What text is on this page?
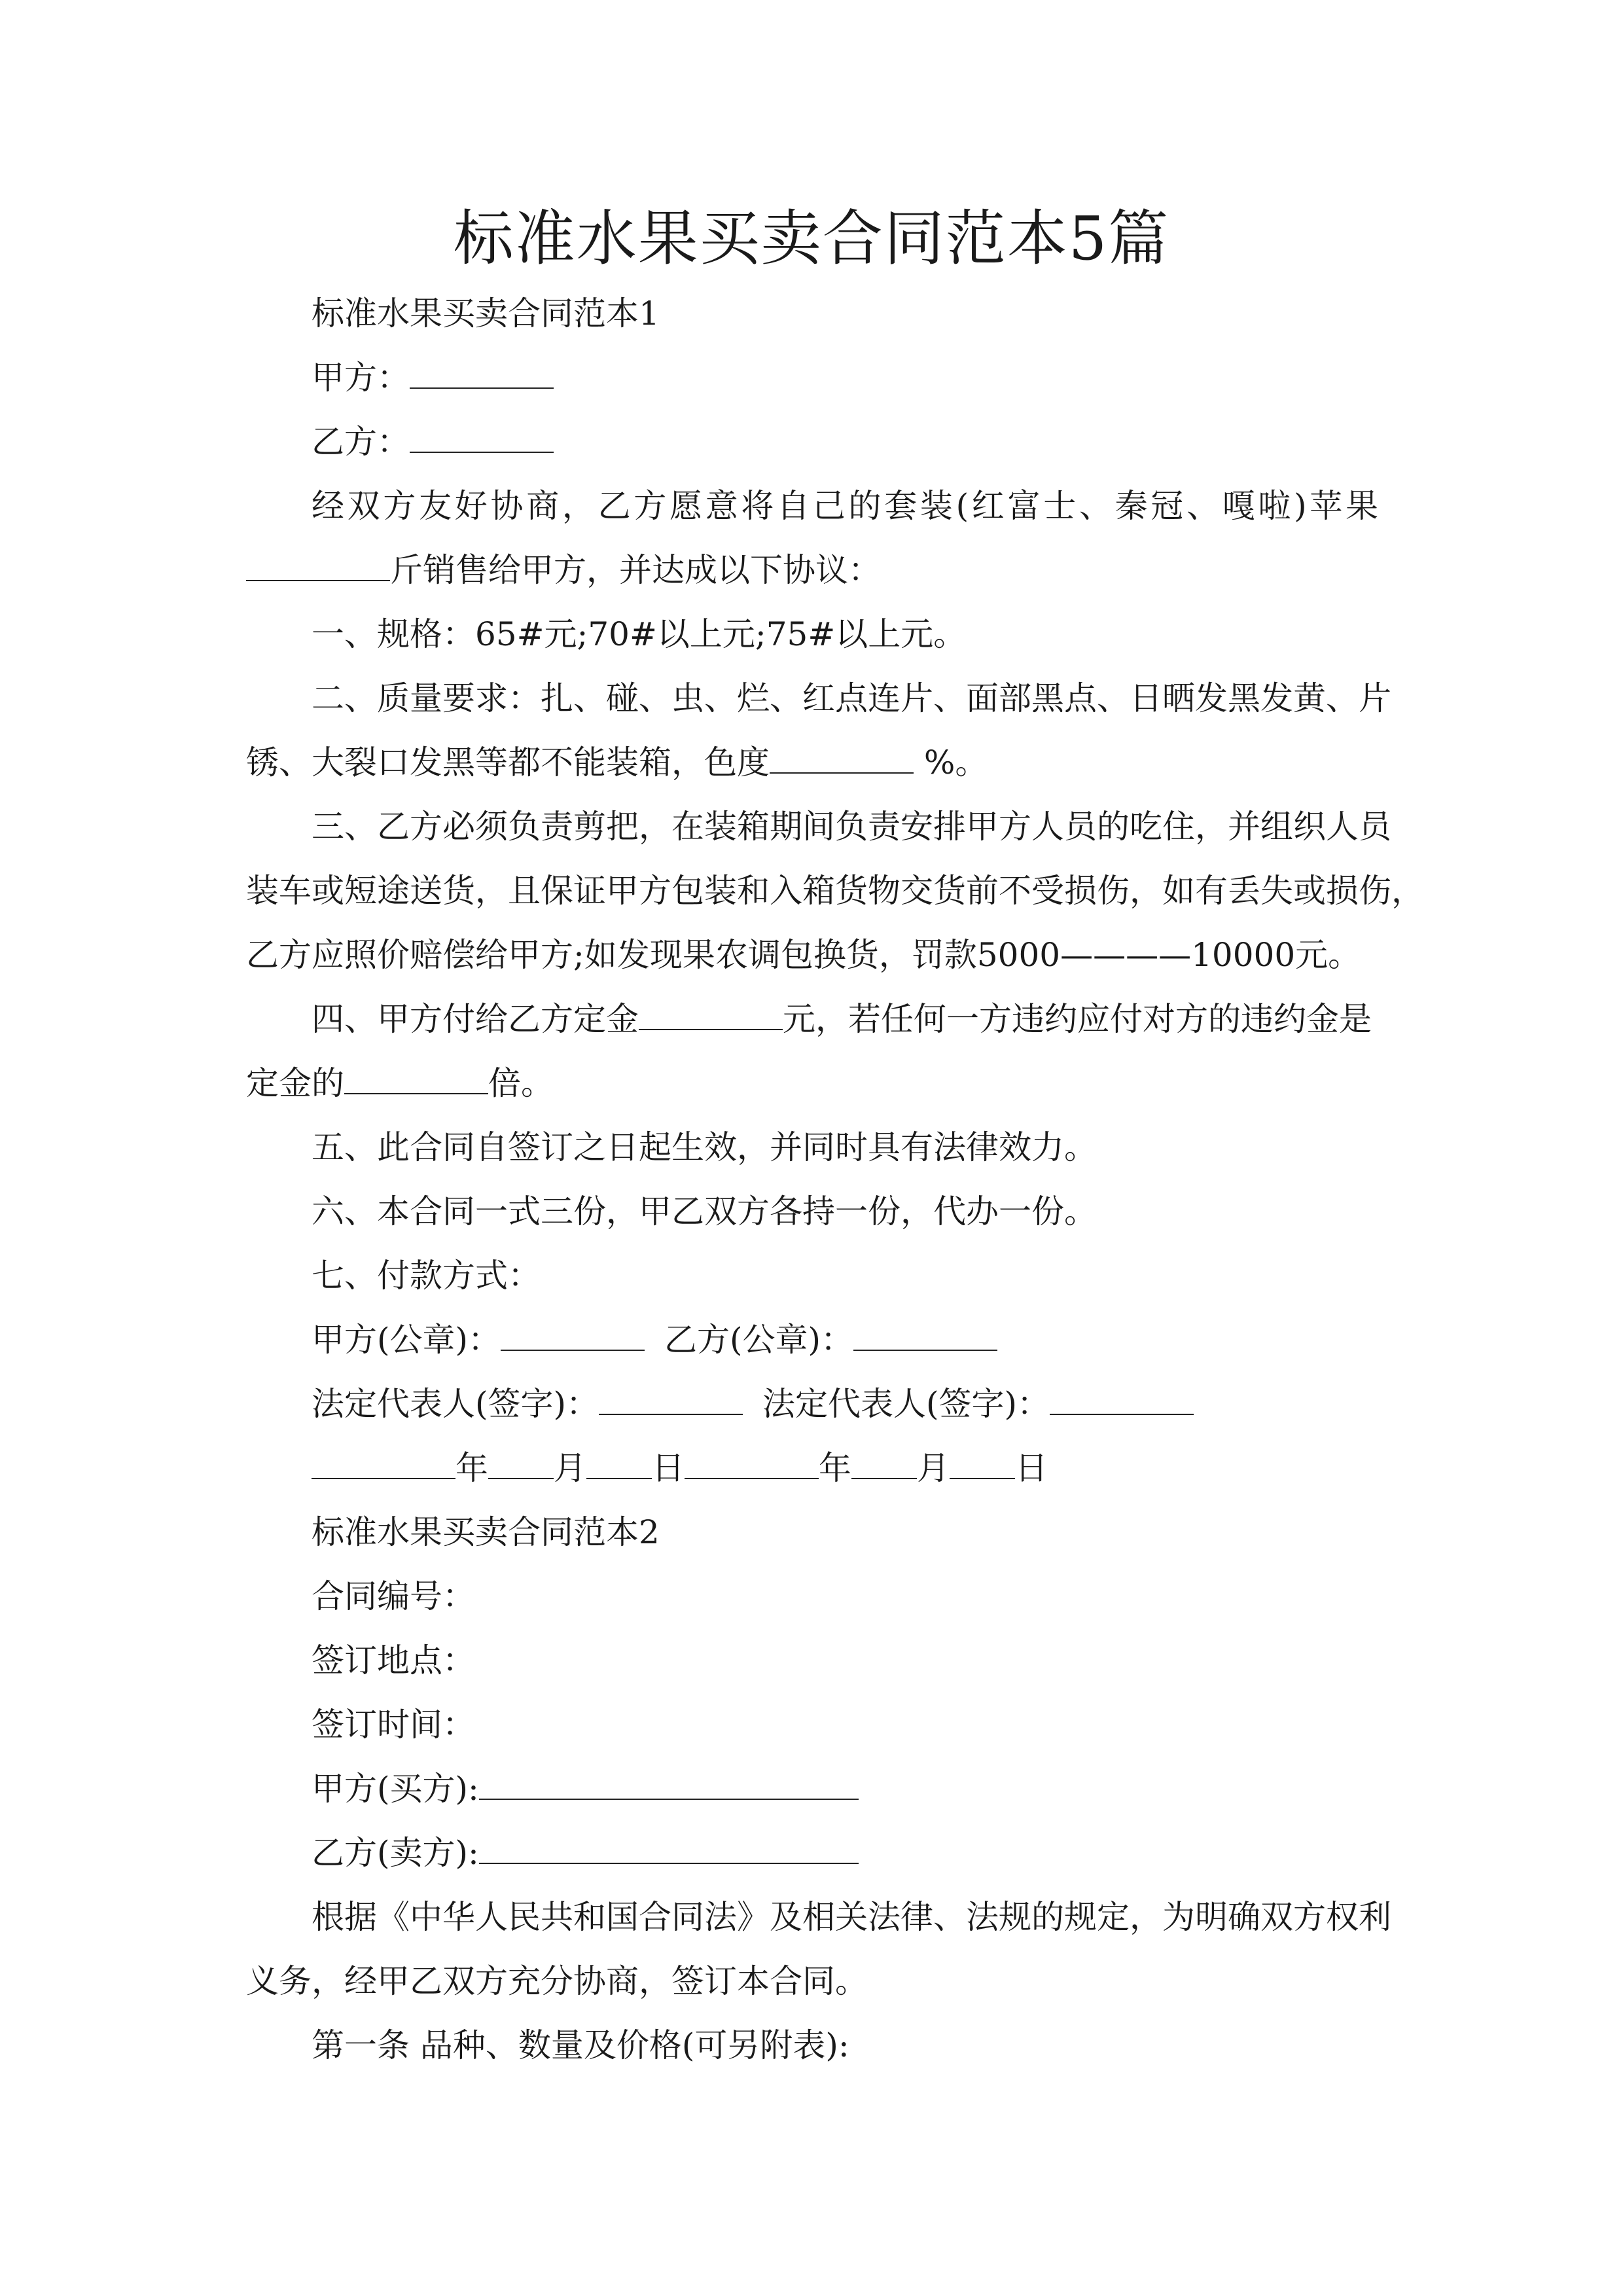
标准水果买卖合同范本5篇
标准水果买卖合同范本1
甲方：
乙方：
经双方友好协商，乙方愿意将自己的套装(红富士、秦冠、嘎啦)苹果
斤销售给甲方，并达成以下协议：
一、规格：65#元;70#以上元;75#以上元。
二、质量要求：扎、碰、虫、烂、红点连片、面部黑点、日晒发黑发黄、片
锈、大裂口发黑等都不能装箱，色度	%。
三、乙方必须负责剪把，在装箱期间负责安排甲方人员的吃住，并组织人员
装车或短途送货，且保证甲方包装和入箱货物交货前不受损伤，如有丢失或损伤，
乙方应照价赔偿给甲方;如发现果农调包换货，罚款5000————10000元。
四、甲方付给乙方定金	元，若任何一方违约应付对方的违约金是
定金的	倍。
五、此合同自签订之日起生效，并同时具有法律效力。
六、本合同一式三份，甲乙双方各持一份，代办一份。
七、付款方式：
甲方(公章)：	乙方(公章)：
法定代表人(签字)：	法定代表人(签字)：
年 月 日	年 月 日
标准水果买卖合同范本2
合同编号：
签订地点：
签订时间：
甲方(买方):
乙方(卖方):
根据《中华人民共和国合同法》及相关法律、法规的规定，为明确双方权利
义务，经甲乙双方充分协商，签订本合同。
第一条 品种、数量及价格(可另附表):
